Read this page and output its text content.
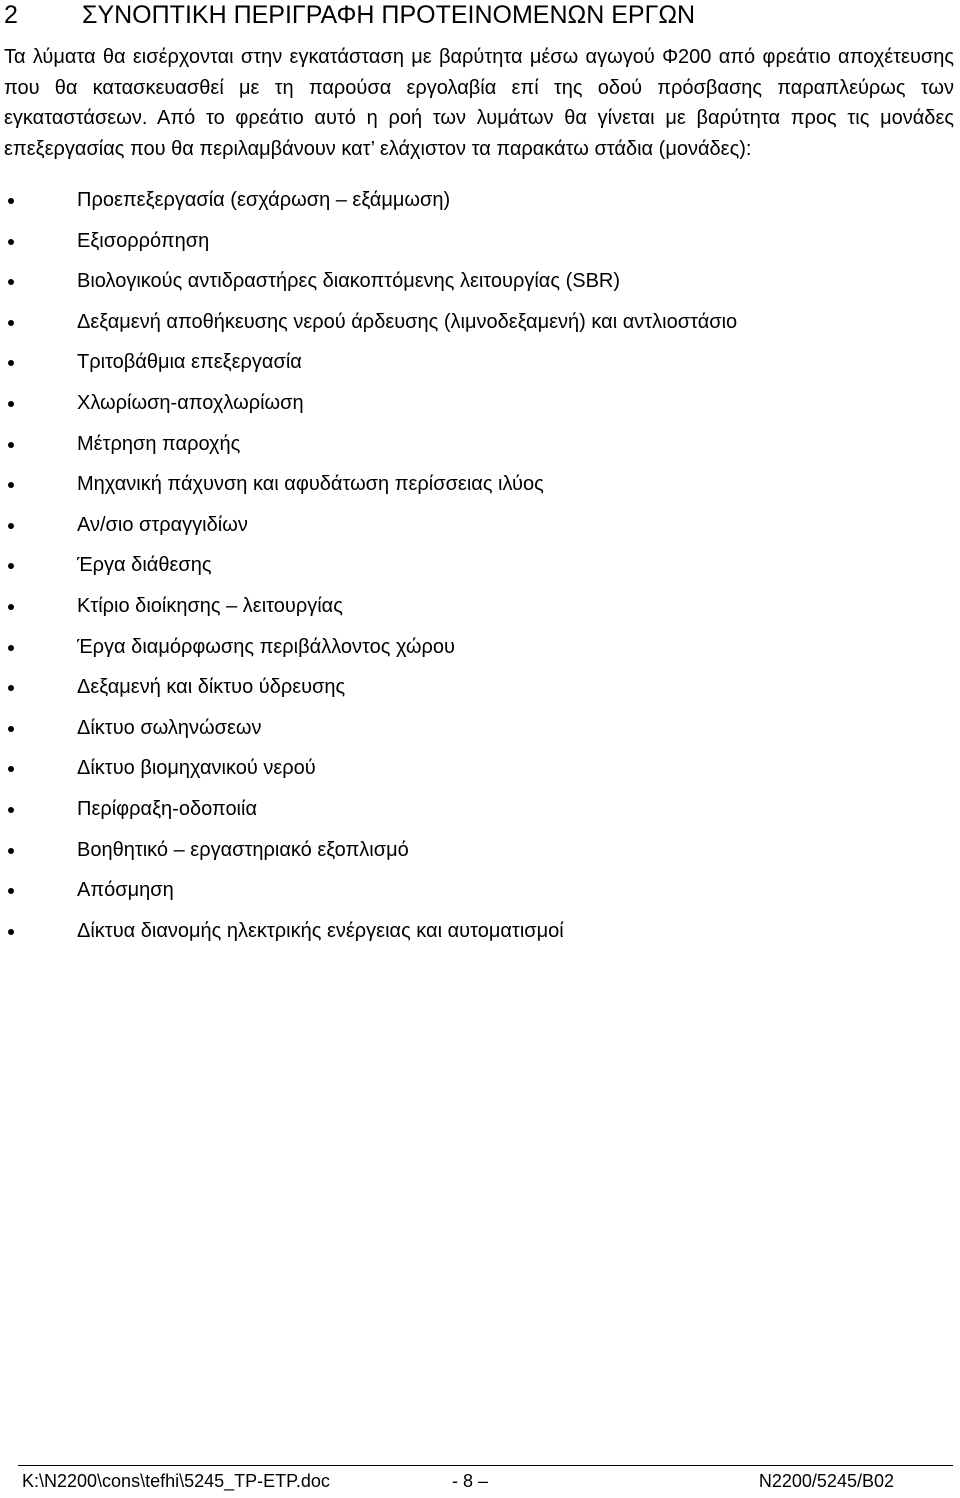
2	ΣΥΝΟΠΤΙΚΗ ΠΕΡΙΓΡΑΦΗ ΠΡΟΤΕΙΝΟΜΕΝΩΝ ΕΡΓΩΝ

Τα λύματα θα εισέρχονται στην εγκατάσταση με βαρύτητα μέσω αγωγού Φ200 από φρεάτιο αποχέτευσης που θα κατασκευασθεί με τη παρούσα εργολαβία επί της οδού πρόσβασης παραπλεύρως των εγκαταστάσεων. Από το φρεάτιο αυτό η ροή των λυμάτων θα γίνεται με βαρύτητα προς τις μονάδες επεξεργασίας που θα περιλαμβάνουν κατ’ ελάχιστον τα παρακάτω στάδια (μονάδες):

Προεπεξεργασία (εσχάρωση – εξάμμωση)
Εξισορρόπηση
Βιολογικούς αντιδραστήρες διακοπτόμενης λειτουργίας (SBR)
Δεξαμενή αποθήκευσης νερού άρδευσης (λιμνοδεξαμενή) και αντλιοστάσιο
Τριτοβάθμια επεξεργασία
Χλωρίωση-αποχλωρίωση
Μέτρηση παροχής
Μηχανική πάχυνση και αφυδάτωση περίσσειας ιλύος
Αν/σιο στραγγιδίων
Έργα διάθεσης
Κτίριο διοίκησης – λειτουργίας
Έργα διαμόρφωσης περιβάλλοντος χώρου
Δεξαμενή και δίκτυο ύδρευσης
Δίκτυο σωληνώσεων
Δίκτυο βιομηχανικού νερού
Περίφραξη-οδοποιία
Βοηθητικό – εργαστηριακό εξοπλισμό
Απόσμηση
Δίκτυα διανομής ηλεκτρικής ενέργειας και αυτοματισμοί
K:\N2200\cons\tefhi\5245_TP-ETP.doc	- 8 –	N2200/5245/B02
